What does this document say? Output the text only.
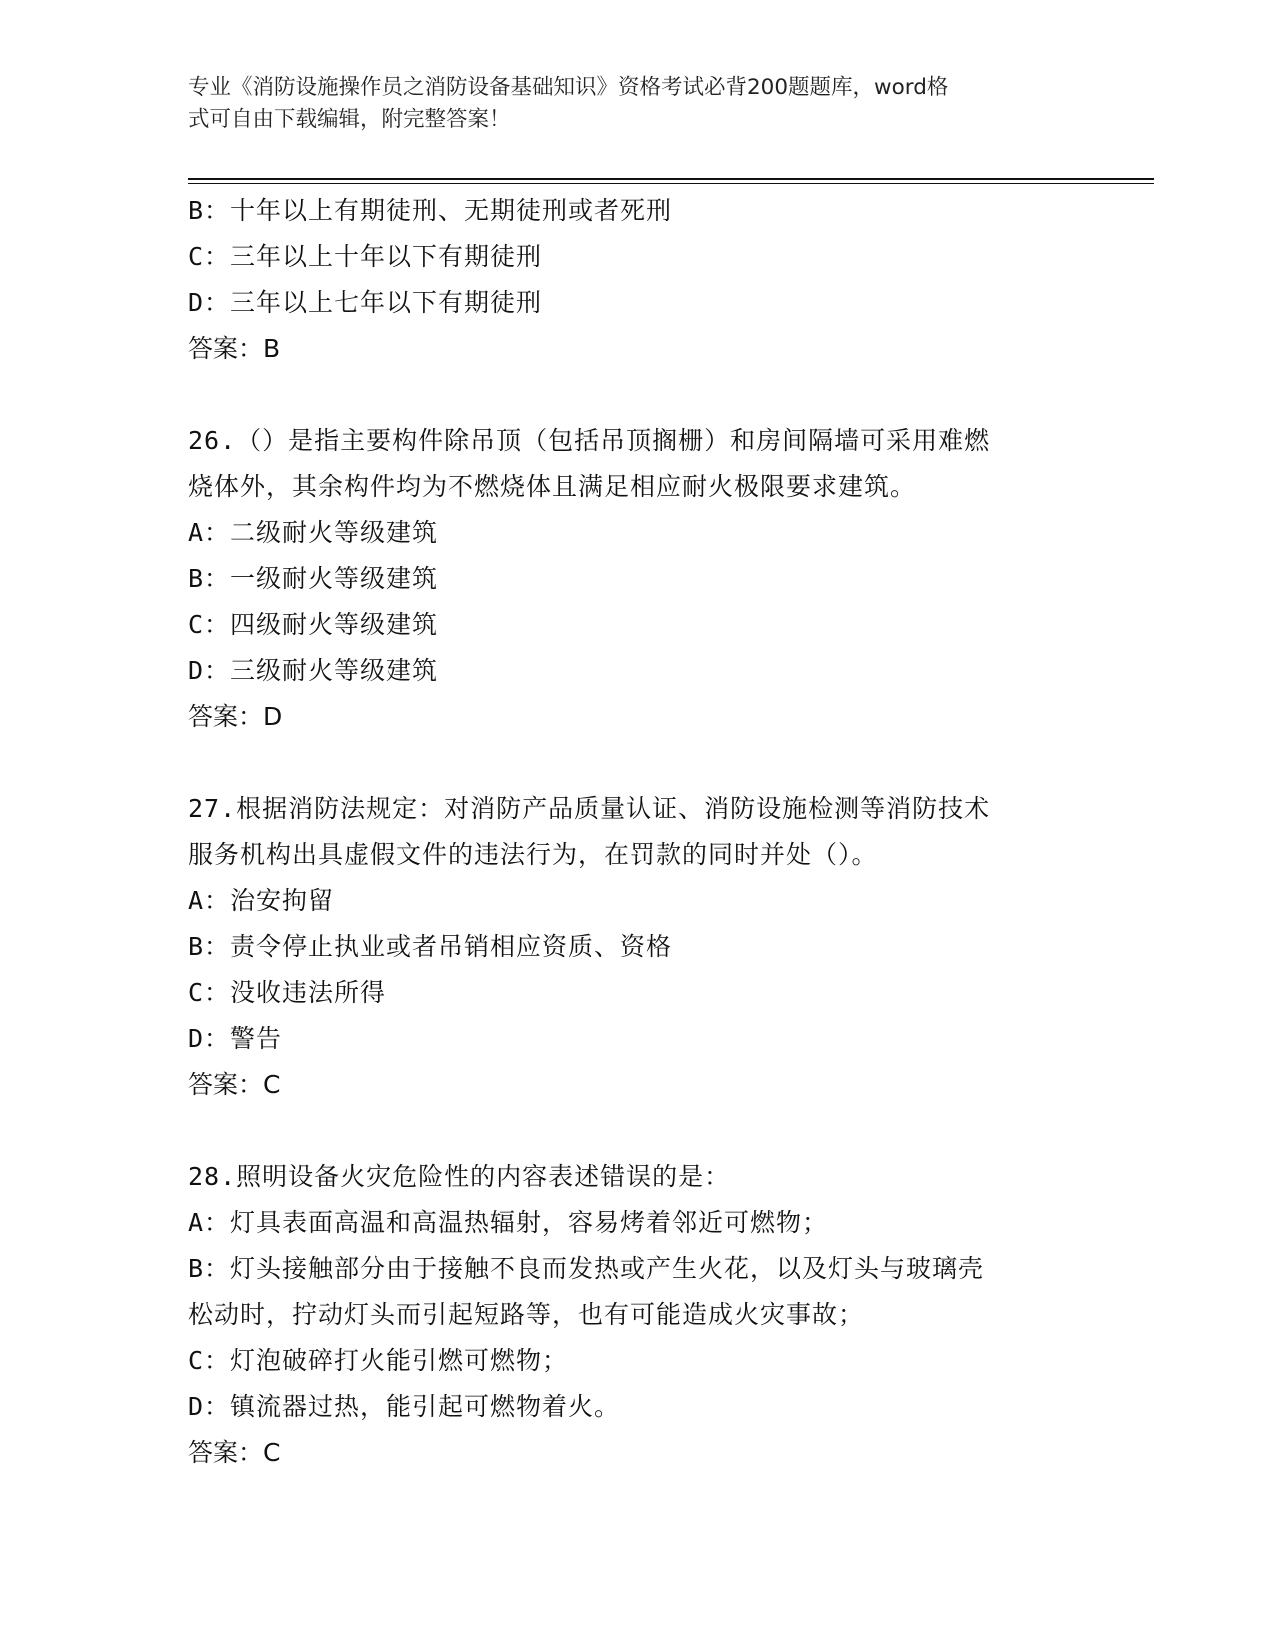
专业《消防设施操作员之消防设备基础知识》资格考试必背200题题库，word格
式可自由下载编辑，附完整答案！

B：十年以上有期徒刑、无期徒刑或者死刑

C：三年以上十年以下有期徒刑

D：三年以上七年以下有期徒刑

答案：B

26.（）是指主要构件除吊顶（包括吊顶搁栅）和房间隔墙可采用难燃

烧体外，其余构件均为不燃烧体且满足相应耐火极限要求建筑。

A：二级耐火等级建筑

B：一级耐火等级建筑

C：四级耐火等级建筑

D：三级耐火等级建筑

答案：D

27.根据消防法规定：对消防产品质量认证、消防设施检测等消防技术

服务机构出具虚假文件的违法行为，在罚款的同时并处（）。

A：治安拘留

B：责令停止执业或者吊销相应资质、资格

C：没收违法所得

D：警告

答案：C

28.照明设备火灾危险性的内容表述错误的是：

A：灯具表面高温和高温热辐射，容易烤着邻近可燃物；

B：灯头接触部分由于接触不良而发热或产生火花，以及灯头与玻璃壳

松动时，拧动灯头而引起短路等，也有可能造成火灾事故；

C：灯泡破碎打火能引燃可燃物；

D：镇流器过热，能引起可燃物着火。

答案：C
